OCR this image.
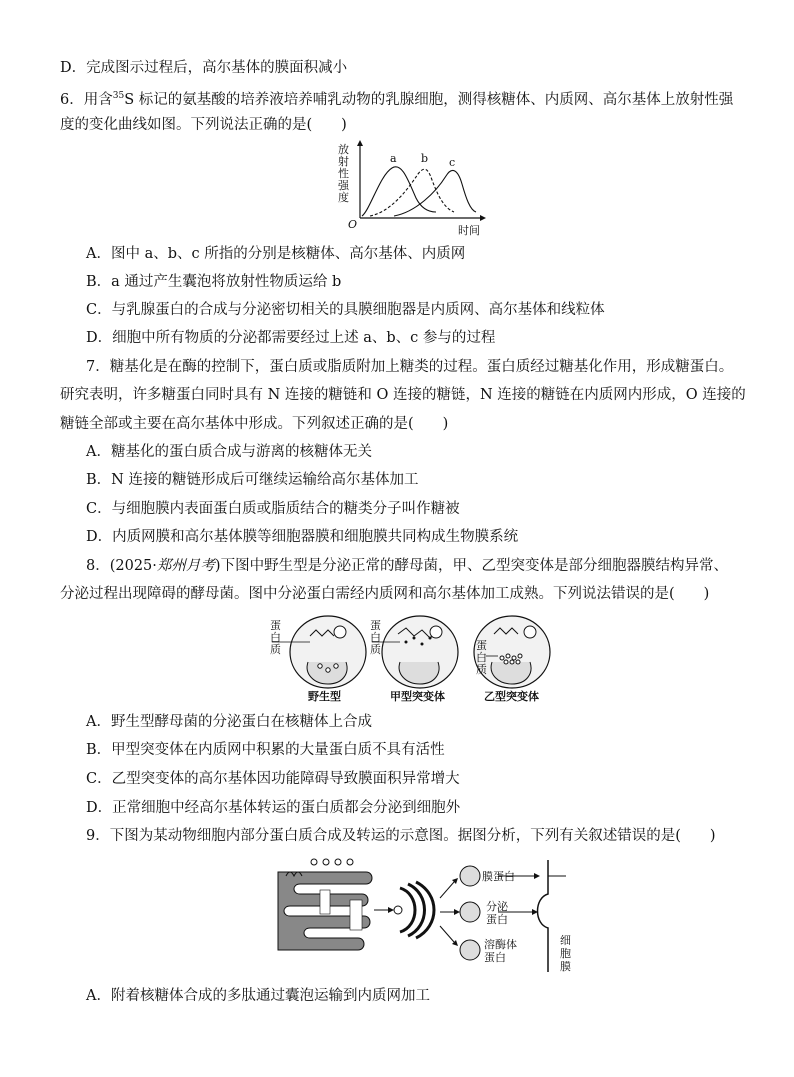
D．完成图示过程后，高尔基体的膜面积减小
6．用含$^{35}$S 标记的氨基酸的培养液培养哺乳动物的乳腺细胞，测得核糖体、内质网、高尔基体上放射性强
度的变化曲线如图。下列说法正确的是(　　)
放射性强度
a b c
O	时间
A．图中 a、b、c 所指的分别是核糖体、高尔基体、内质网
B．a 通过产生囊泡将放射性物质运给 b
C．与乳腺蛋白的合成与分泌密切相关的具膜细胞器是内质网、高尔基体和线粒体
D．细胞中所有物质的分泌都需要经过上述 a、b、c 参与的过程
7．糖基化是在酶的控制下，蛋白质或脂质附加上糖类的过程。蛋白质经过糖基化作用，形成糖蛋白。
研究表明，许多糖蛋白同时具有 N 连接的糖链和 O 连接的糖链，N 连接的糖链在内质网内形成，O 连接的
糖链全部或主要在高尔基体中形成。下列叙述正确的是(　　)
A．糖基化的蛋白质合成与游离的核糖体无关
B．N 连接的糖链形成后可继续运输给高尔基体加工
C．与细胞膜内表面蛋白质或脂质结合的糖类分子叫作糖被
D．内质网膜和高尔基体膜等细胞器膜和细胞膜共同构成生物膜系统
8．(2025·郑州月考)下图中野生型是分泌正常的酵母菌，甲、乙型突变体是部分细胞器膜结构异常、
分泌过程出现障碍的酵母菌。图中分泌蛋白需经内质网和高尔基体加工成熟。下列说法错误的是(　　)
蛋白质
蛋白质	蛋白质
野生型	甲型突变体	乙型突变体
A．野生型酵母菌的分泌蛋白在核糖体上合成
B．甲型突变体在内质网中积累的大量蛋白质不具有活性
C．乙型突变体的高尔基体因功能障碍导致膜面积异常增大
D．正常细胞中经高尔基体转运的蛋白质都会分泌到细胞外
9．下图为某动物细胞内部分蛋白质合成及转运的示意图。据图分析，下列有关叙述错误的是(　　)
膜蛋白
分泌蛋白
溶酶体蛋白
细胞膜
A．附着核糖体合成的多肽通过囊泡运输到内质网加工
